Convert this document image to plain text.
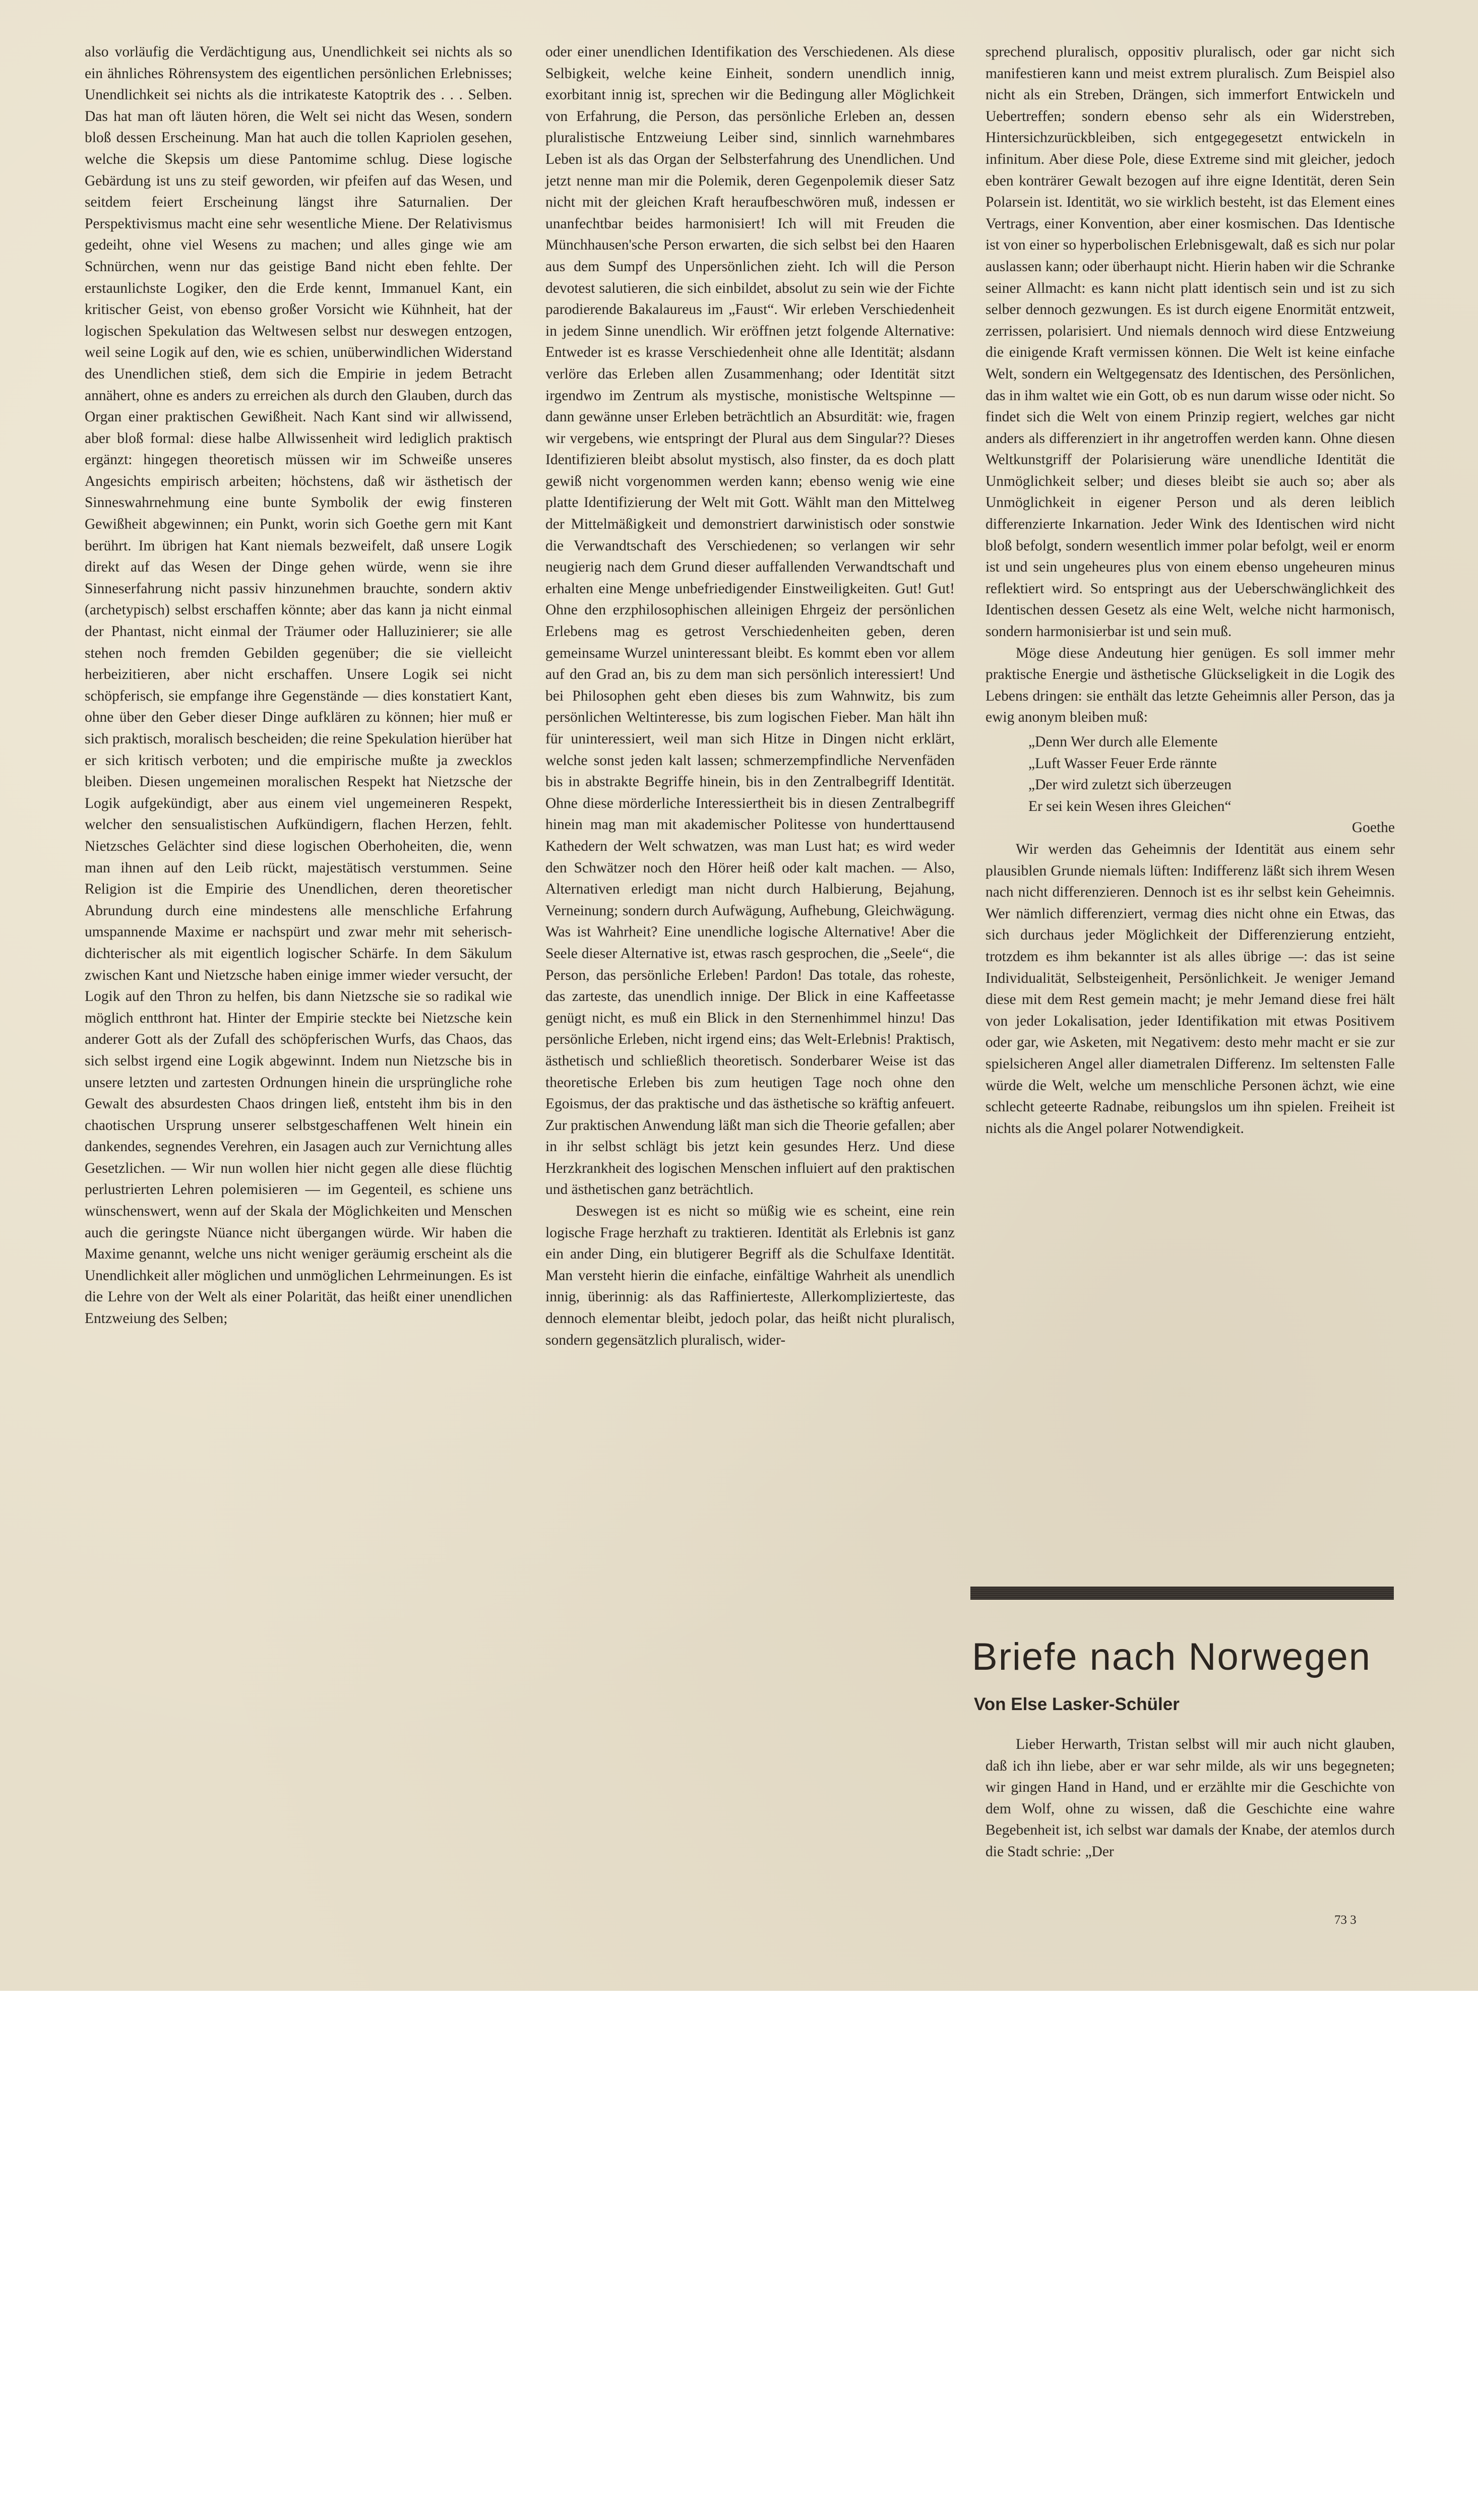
also vorläufig die Verdächtigung aus, Unendlichkeit sei nichts als so ein ähnliches Röhrensystem des eigentlichen persönlichen Erlebnisses; Unendlichkeit sei nichts als die intrikateste Katoptrik des . . . Selben. Das hat man oft läuten hören, die Welt sei nicht das Wesen, sondern bloß dessen Erscheinung. Man hat auch die tollen Kapriolen gesehen, welche die Skepsis um diese Pantomime schlug. Diese logische Gebärdung ist uns zu steif geworden, wir pfeifen auf das Wesen, und seitdem feiert Erscheinung längst ihre Saturnalien. Der Perspektivismus macht eine sehr wesentliche Miene. Der Relativismus gedeiht, ohne viel Wesens zu machen; und alles ginge wie am Schnürchen, wenn nur das geistige Band nicht eben fehlte. Der erstaunlichste Logiker, den die Erde kennt, Immanuel Kant, ein kritischer Geist, von ebenso großer Vorsicht wie Kühnheit, hat der logischen Spekulation das Weltwesen selbst nur deswegen entzogen, weil seine Logik auf den, wie es schien, unüberwindlichen Widerstand des Unendlichen stieß, dem sich die Empirie in jedem Betracht annähert, ohne es anders zu erreichen als durch den Glauben, durch das Organ einer praktischen Gewißheit. Nach Kant sind wir allwissend, aber bloß formal: diese halbe Allwissenheit wird lediglich praktisch ergänzt: hingegen theoretisch müssen wir im Schweiße unseres Angesichts empirisch arbeiten; höchstens, daß wir ästhetisch der Sinneswahrnehmung eine bunte Symbolik der ewig finsteren Gewißheit abgewinnen; ein Punkt, worin sich Goethe gern mit Kant berührt. Im übrigen hat Kant niemals bezweifelt, daß unsere Logik direkt auf das Wesen der Dinge gehen würde, wenn sie ihre Sinneserfahrung nicht passiv hinzunehmen brauchte, sondern aktiv (archetypisch) selbst erschaffen könnte; aber das kann ja nicht einmal der Phantast, nicht einmal der Träumer oder Halluzinierer; sie alle stehen noch fremden Gebilden gegenüber; die sie vielleicht herbeizitieren, aber nicht erschaffen. Unsere Logik sei nicht schöpferisch, sie empfange ihre Gegenstände — dies konstatiert Kant, ohne über den Geber dieser Dinge aufklären zu können; hier muß er sich praktisch, moralisch bescheiden; die reine Spekulation hierüber hat er sich kritisch verboten; und die empirische mußte ja zwecklos bleiben. Diesen ungemeinen moralischen Respekt hat Nietzsche der Logik aufgekündigt, aber aus einem viel ungemeineren Respekt, welcher den sensualistischen Aufkündigern, flachen Herzen, fehlt. Nietzsches Gelächter sind diese logischen Oberhoheiten, die, wenn man ihnen auf den Leib rückt, majestätisch verstummen. Seine Religion ist die Empirie des Unendlichen, deren theoretischer Abrundung durch eine mindestens alle menschliche Erfahrung umspannende Maxime er nachspürt und zwar mehr mit seherisch-dichterischer als mit eigentlich logischer Schärfe. In dem Säkulum zwischen Kant und Nietzsche haben einige immer wieder versucht, der Logik auf den Thron zu helfen, bis dann Nietzsche sie so radikal wie möglich entthront hat. Hinter der Empirie steckte bei Nietzsche kein anderer Gott als der Zufall des schöpferischen Wurfs, das Chaos, das sich selbst irgend eine Logik abgewinnt. Indem nun Nietzsche bis in unsere letzten und zartesten Ordnungen hinein die ursprüngliche rohe Gewalt des absurdesten Chaos dringen ließ, entsteht ihm bis in den chaotischen Ursprung unserer selbstgeschaffenen Welt hinein ein dankendes, segnendes Verehren, ein Jasagen auch zur Vernichtung alles Gesetzlichen. — Wir nun wollen hier nicht gegen alle diese flüchtig perlustrierten Lehren polemisieren — im Gegenteil, es schiene uns wünschenswert, wenn auf der Skala der Möglichkeiten und Menschen auch die geringste Nüance nicht übergangen würde. Wir haben die Maxime genannt, welche uns nicht weniger geräumig erscheint als die Unendlichkeit aller möglichen und unmöglichen Lehrmeinungen. Es ist die Lehre von der Welt als einer Polarität, das heißt einer unendlichen Entzweiung des Selben;

oder einer unendlichen Identifikation des Verschiedenen. Als diese Selbigkeit, welche keine Einheit, sondern unendlich innig, exorbitant innig ist, sprechen wir die Bedingung aller Möglichkeit von Erfahrung, die Person, das persönliche Erleben an, dessen pluralistische Entzweiung Leiber sind, sinnlich warnehmbares Leben ist als das Organ der Selbsterfahrung des Unendlichen. Und jetzt nenne man mir die Polemik, deren Gegenpolemik dieser Satz nicht mit der gleichen Kraft heraufbeschwören muß, indessen er unanfechtbar beides harmonisiert! Ich will mit Freuden die Münchhausen'sche Person erwarten, die sich selbst bei den Haaren aus dem Sumpf des Unpersönlichen zieht. Ich will die Person devotest salutieren, die sich einbildet, absolut zu sein wie der Fichte parodierende Bakalaureus im „Faust“. Wir erleben Verschiedenheit in jedem Sinne unendlich. Wir eröffnen jetzt folgende Alternative: Entweder ist es krasse Verschiedenheit ohne alle Identität; alsdann verlöre das Erleben allen Zusammenhang; oder Identität sitzt irgendwo im Zentrum als mystische, monistische Weltspinne — dann gewänne unser Erleben beträchtlich an Absurdität: wie, fragen wir vergebens, wie entspringt der Plural aus dem Singular?? Dieses Identifizieren bleibt absolut mystisch, also finster, da es doch platt gewiß nicht vorgenommen werden kann; ebenso wenig wie eine platte Identifizierung der Welt mit Gott. Wählt man den Mittelweg der Mittelmäßigkeit und demonstriert darwinistisch oder sonstwie die Verwandtschaft des Verschiedenen; so verlangen wir sehr neugierig nach dem Grund dieser auffallenden Verwandtschaft und erhalten eine Menge unbefriedigender Einstweiligkeiten. Gut! Gut! Ohne den erzphilosophischen alleinigen Ehrgeiz der persönlichen Erlebens mag es getrost Verschiedenheiten geben, deren gemeinsame Wurzel uninteressant bleibt. Es kommt eben vor allem auf den Grad an, bis zu dem man sich persönlich interessiert! Und bei Philosophen geht eben dieses bis zum Wahnwitz, bis zum persönlichen Weltinteresse, bis zum logischen Fieber. Man hält ihn für uninteressiert, weil man sich Hitze in Dingen nicht erklärt, welche sonst jeden kalt lassen; schmerzempfindliche Nervenfäden bis in abstrakte Begriffe hinein, bis in den Zentralbegriff Identität. Ohne diese mörderliche Interessiertheit bis in diesen Zentralbegriff hinein mag man mit akademischer Politesse von hunderttausend Kathedern der Welt schwatzen, was man Lust hat; es wird weder den Schwätzer noch den Hörer heiß oder kalt machen. — Also, Alternativen erledigt man nicht durch Halbierung, Bejahung, Verneinung; sondern durch Aufwägung, Aufhebung, Gleichwägung. Was ist Wahrheit? Eine unendliche logische Alternative! Aber die Seele dieser Alternative ist, etwas rasch gesprochen, die „Seele“, die Person, das persönliche Erleben! Pardon! Das totale, das roheste, das zarteste, das unendlich innige. Der Blick in eine Kaffeetasse genügt nicht, es muß ein Blick in den Sternenhimmel hinzu! Das persönliche Erleben, nicht irgend eins; das Welt-Erlebnis! Praktisch, ästhetisch und schließlich theoretisch. Sonderbarer Weise ist das theoretische Erleben bis zum heutigen Tage noch ohne den Egoismus, der das praktische und das ästhetische so kräftig anfeuert. Zur praktischen Anwendung läßt man sich die Theorie gefallen; aber in ihr selbst schlägt bis jetzt kein gesundes Herz. Und diese Herzkrankheit des logischen Menschen influiert auf den praktischen und ästhetischen ganz beträchtlich.

Deswegen ist es nicht so müßig wie es scheint, eine rein logische Frage herzhaft zu traktieren. Identität als Erlebnis ist ganz ein ander Ding, ein blutigerer Begriff als die Schulfaxe Identität. Man versteht hierin die einfache, einfältige Wahrheit als unendlich innig, überinnig: als das Raffinierteste, Allerkomplizierteste, das dennoch elementar bleibt, jedoch polar, das heißt nicht pluralisch, sondern gegensätzlich pluralisch, wider-

sprechend pluralisch, oppositiv pluralisch, oder gar nicht sich manifestieren kann und meist extrem pluralisch. Zum Beispiel also nicht als ein Streben, Drängen, sich immerfort Entwickeln und Uebertreffen; sondern ebenso sehr als ein Widerstreben, Hintersichzurückbleiben, sich entgegegesetzt entwickeln in infinitum. Aber diese Pole, diese Extreme sind mit gleicher, jedoch eben konträrer Gewalt bezogen auf ihre eigne Identität, deren Sein Polarsein ist. Identität, wo sie wirklich besteht, ist das Element eines Vertrags, einer Konvention, aber einer kosmischen. Das Identische ist von einer so hyperbolischen Erlebnisgewalt, daß es sich nur polar auslassen kann; oder überhaupt nicht. Hierin haben wir die Schranke seiner Allmacht: es kann nicht platt identisch sein und ist zu sich selber dennoch gezwungen. Es ist durch eigene Enormität entzweit, zerrissen, polarisiert. Und niemals dennoch wird diese Entzweiung die einigende Kraft vermissen können. Die Welt ist keine einfache Welt, sondern ein Weltgegensatz des Identischen, des Persönlichen, das in ihm waltet wie ein Gott, ob es nun darum wisse oder nicht. So findet sich die Welt von einem Prinzip regiert, welches gar nicht anders als differenziert in ihr angetroffen werden kann. Ohne diesen Weltkunstgriff der Polarisierung wäre unendliche Identität die Unmöglichkeit selber; und dieses bleibt sie auch so; aber als Unmöglichkeit in eigener Person und als deren leiblich differenzierte Inkarnation. Jeder Wink des Identischen wird nicht bloß befolgt, sondern wesentlich immer polar befolgt, weil er enorm ist und sein ungeheures plus von einem ebenso ungeheuren minus reflektiert wird. So entspringt aus der Ueberschwänglichkeit des Identischen dessen Gesetz als eine Welt, welche nicht harmonisch, sondern harmonisierbar ist und sein muß.

Möge diese Andeutung hier genügen. Es soll immer mehr praktische Energie und ästhetische Glückseligkeit in die Logik des Lebens dringen: sie enthält das letzte Geheimnis aller Person, das ja ewig anonym bleiben muß:

„Denn Wer durch alle Elemente

„Luft Wasser Feuer Erde rännte

„Der wird zuletzt sich überzeugen

Er sei kein Wesen ihres Gleichen“

Goethe

Wir werden das Geheimnis der Identität aus einem sehr plausiblen Grunde niemals lüften: Indifferenz läßt sich ihrem Wesen nach nicht differenzieren. Dennoch ist es ihr selbst kein Geheimnis. Wer nämlich differenziert, vermag dies nicht ohne ein Etwas, das sich durchaus jeder Möglichkeit der Differenzierung entzieht, trotzdem es ihm bekannter ist als alles übrige —: das ist seine Individualität, Selbsteigenheit, Persönlichkeit. Je weniger Jemand diese mit dem Rest gemein macht; je mehr Jemand diese frei hält von jeder Lokalisation, jeder Identifikation mit etwas Positivem oder gar, wie Asketen, mit Negativem: desto mehr macht er sie zur spielsicheren Angel aller diametralen Differenz. Im seltensten Falle würde die Welt, welche um menschliche Personen ächzt, wie eine schlecht geteerte Radnabe, reibungslos um ihn spielen. Freiheit ist nichts als die Angel polarer Notwendigkeit.

Briefe nach Norwegen
Von Else Lasker-Schüler

Lieber Herwarth, Tristan selbst will mir auch nicht glauben, daß ich ihn liebe, aber er war sehr milde, als wir uns begegneten; wir gingen Hand in Hand, und er erzählte mir die Geschichte von dem Wolf, ohne zu wissen, daß die Geschichte eine wahre Begebenheit ist, ich selbst war damals der Knabe, der atemlos durch die Stadt schrie: „Der

73 3
